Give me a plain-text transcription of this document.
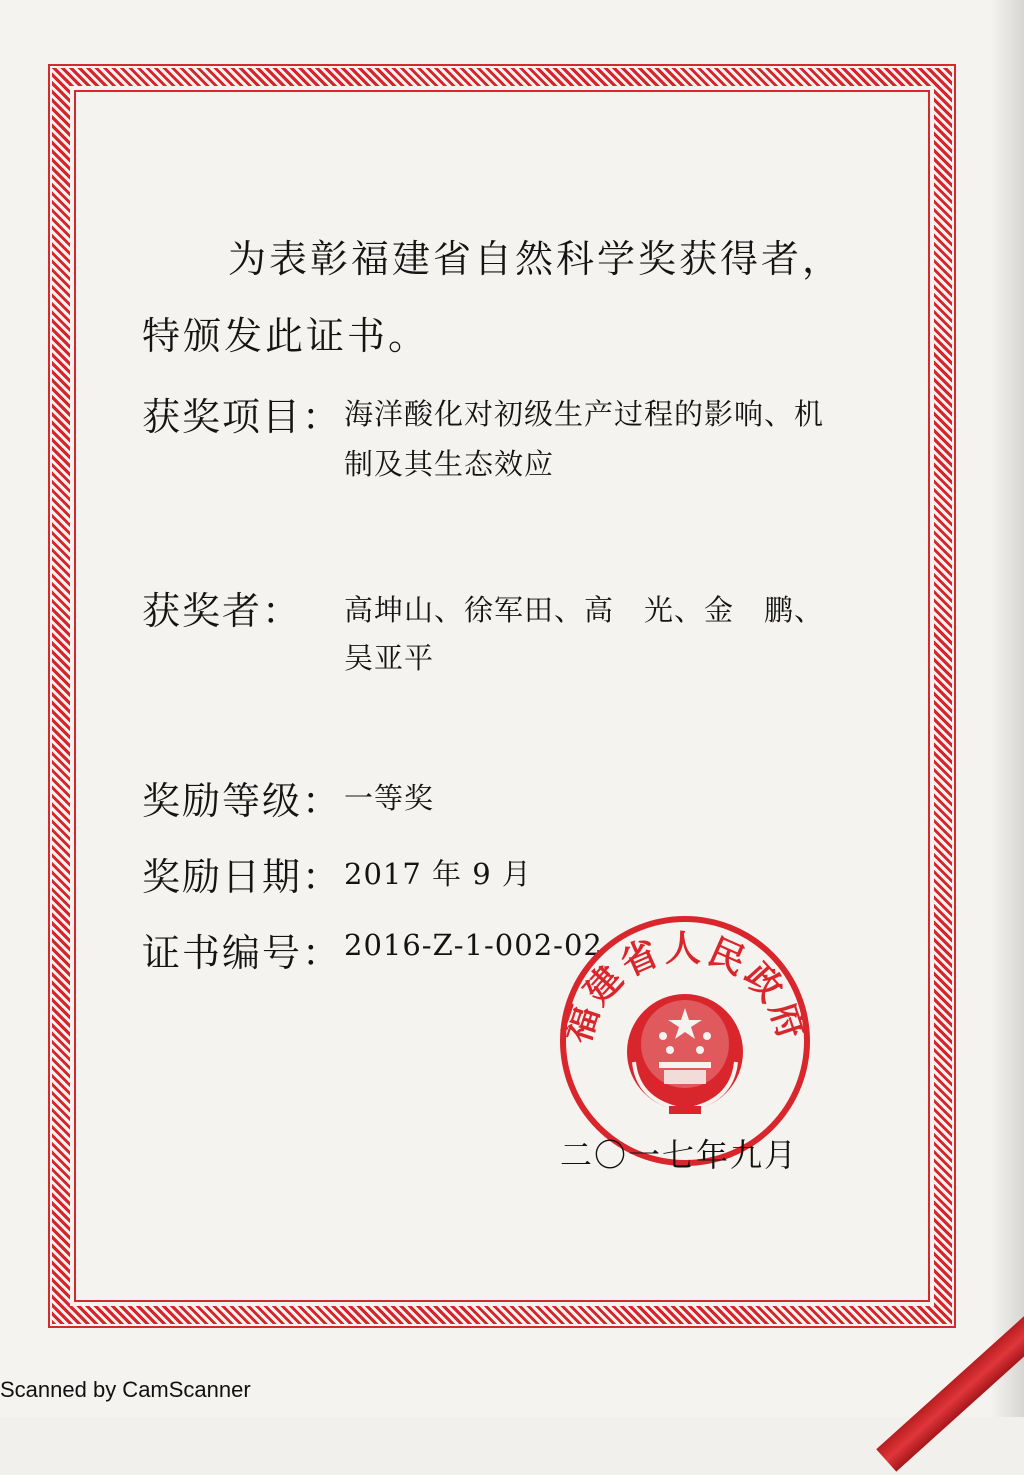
为表彰福建省自然科学奖获得者，
特颁发此证书。
获奖项目： 海洋酸化对初级生产过程的影响、机
制及其生态效应
获奖者： 高坤山、徐军田、高　光、金　鹏、
吴亚平
奖励等级： 一等奖
奖励日期： 2017 年 9 月
证书编号： 2016-Z-1-002-02
福建省人民政府
二〇一七年九月
Scanned by CamScanner
